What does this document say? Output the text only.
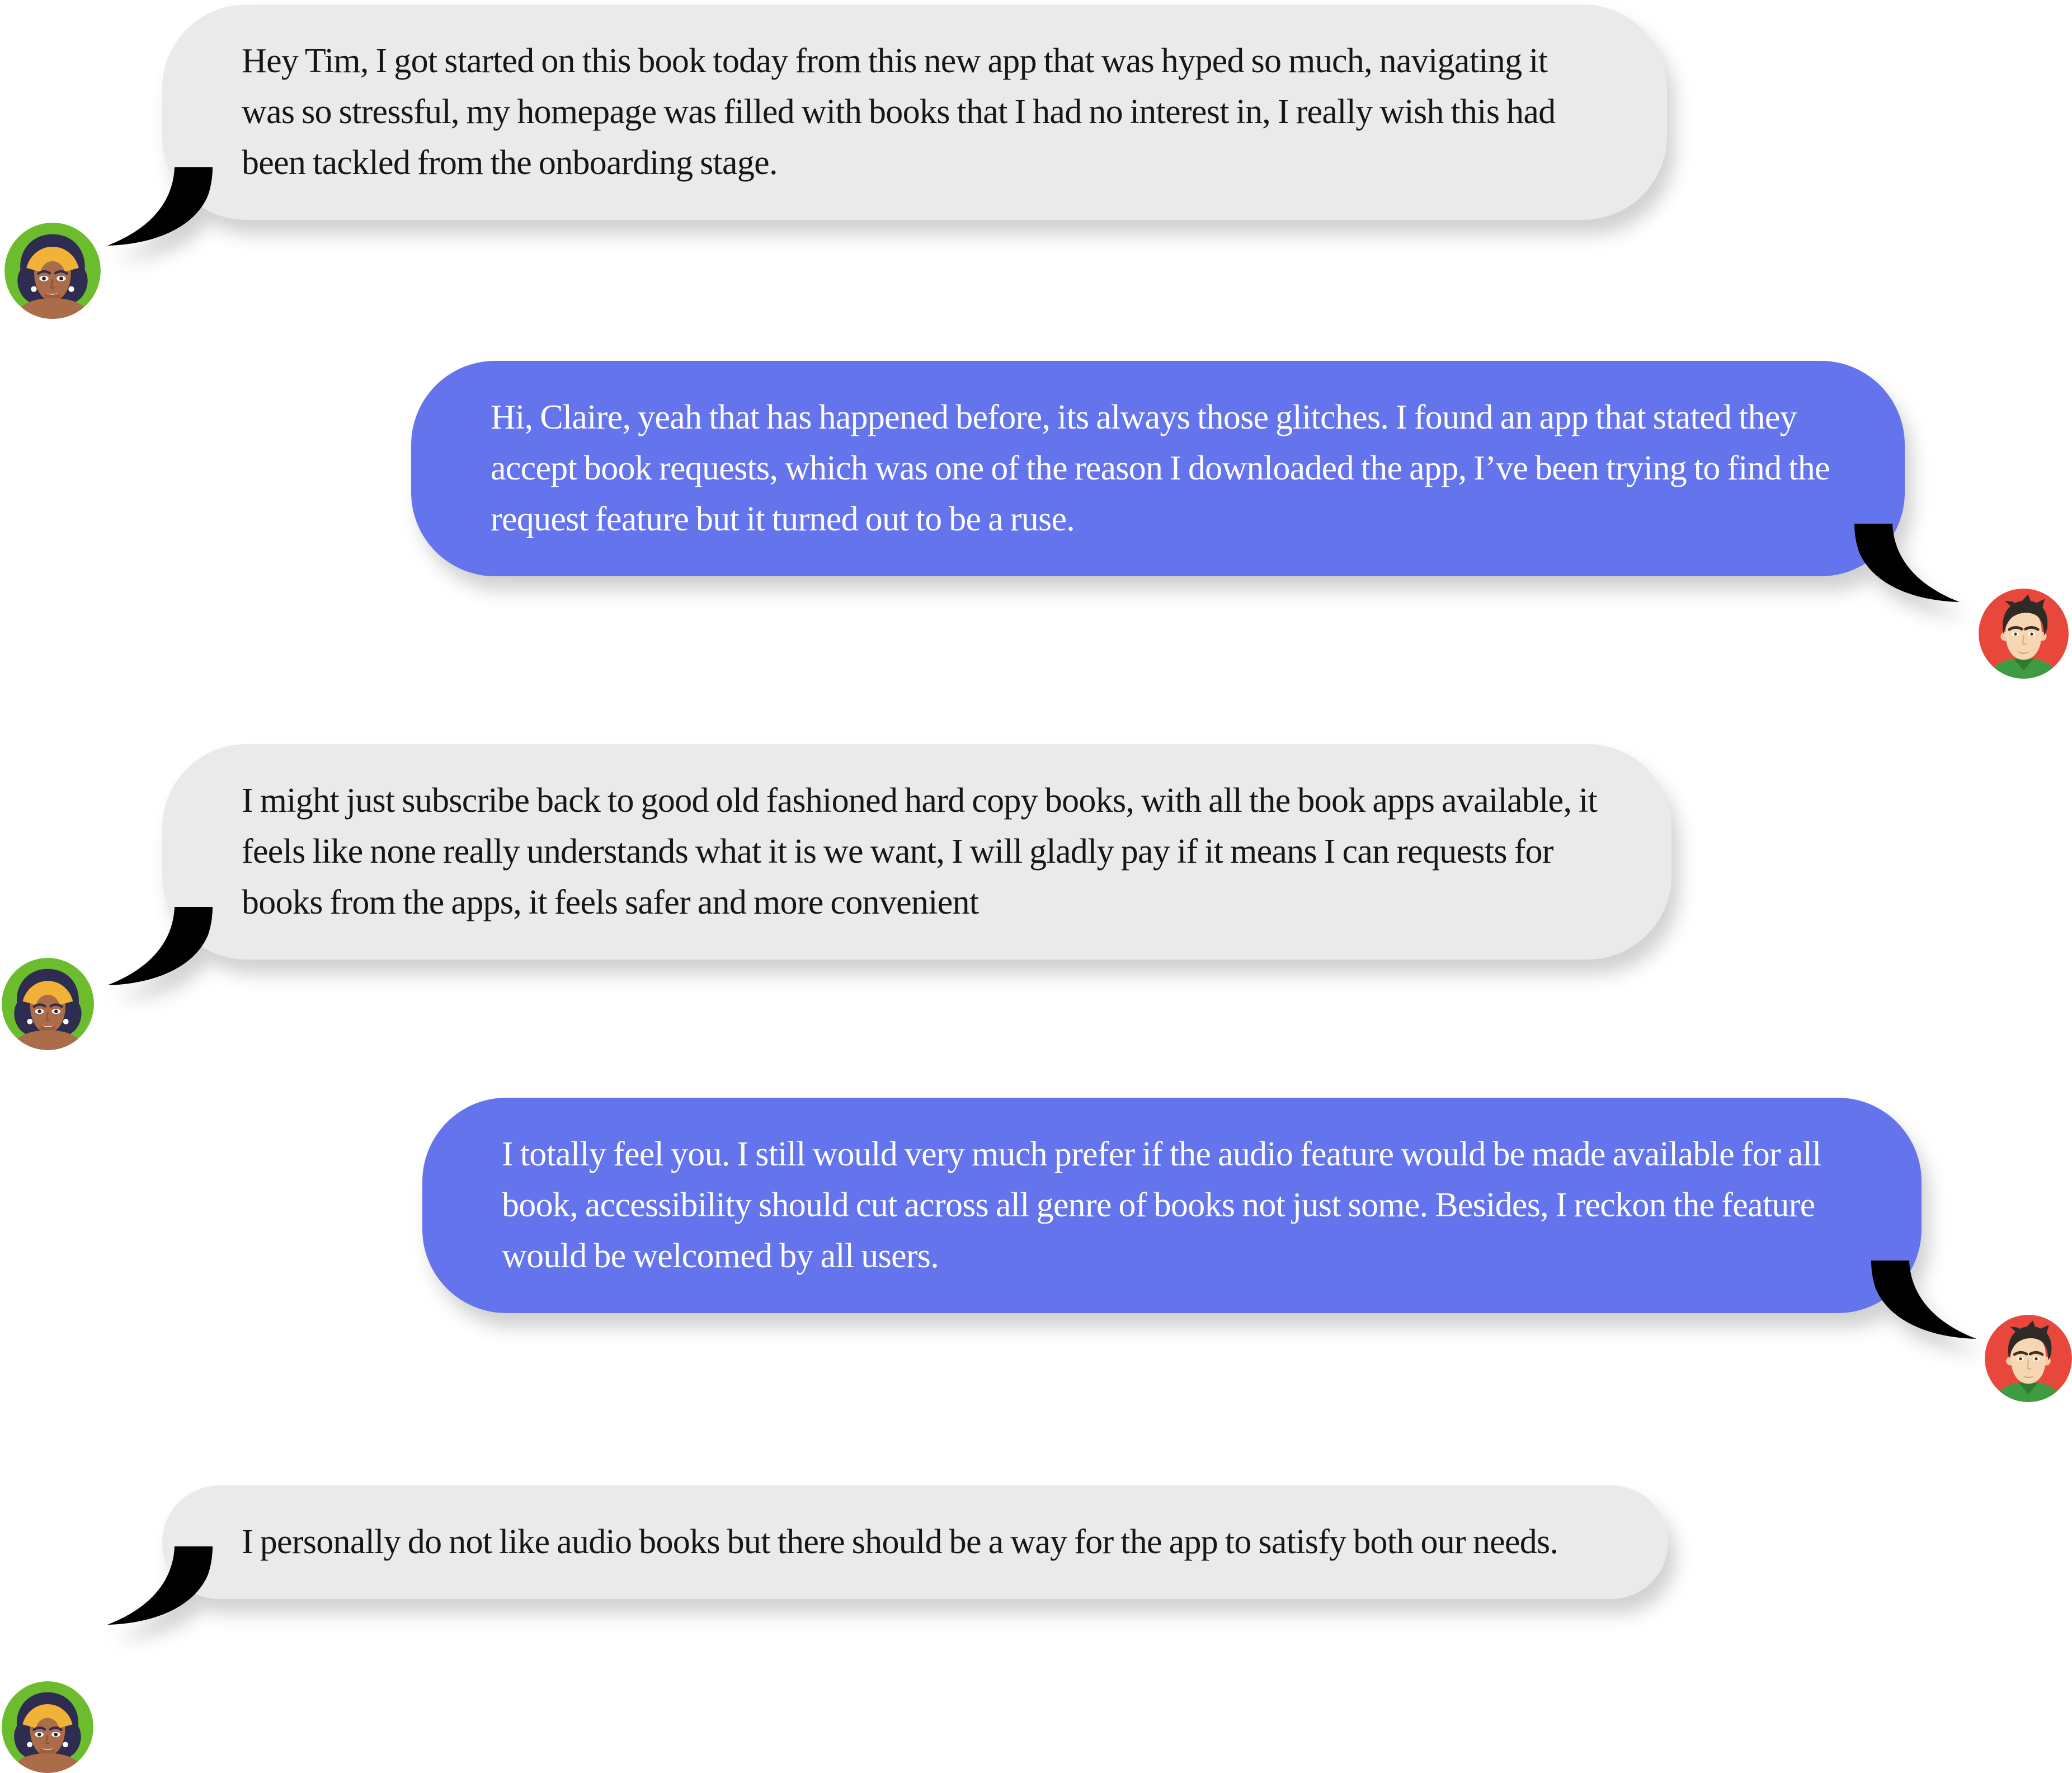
Hey Tim, I got started on this book today from this new app that was hyped so much, navigating it was so stressful, my homepage was filled with books that I had no interest in, I really wish this had been tackled from the onboarding stage.

Hi, Claire, yeah that has happened before, its always those glitches. I found an app that stated they accept book requests, which was one of the reason I downloaded the app, I’ve been trying to find the request feature but it turned out to be a ruse.

I might just subscribe back to good old fashioned hard copy books, with all the book apps available, it feels like none really understands what it is we want, I will gladly pay if it means I can requests for books from the apps, it feels safer and more convenient

I totally feel you. I still would very much prefer if the audio feature would be made available for all book, accessibility should cut across all genre of books not just some. Besides, I reckon the feature would be welcomed by all users.

I personally do not like audio books but there should be a way for the app to satisfy both our needs.
